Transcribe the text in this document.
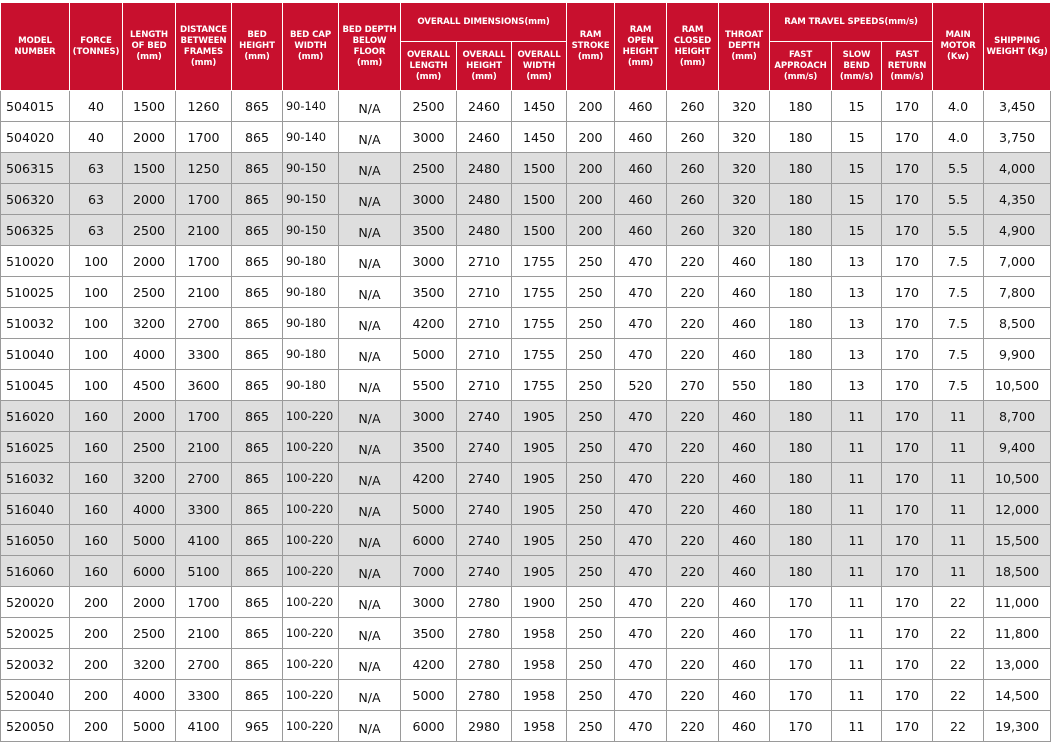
MODEL NUMBER	FORCE (TONNES)	LENGTH OF BED (mm)	DISTANCE BETWEEN FRAMES (mm)	BED HEIGHT (mm)	BED CAP WIDTH (mm)	BED DEPTH BELOW FLOOR (mm)	OVERALL DIMENSIONS(mm)			RAM STROKE (mm)	RAM OPEN HEIGHT (mm)	RAM CLOSED HEIGHT (mm)	THROAT DEPTH (mm)	RAM TRAVEL SPEEDS(mm/s)			MAIN MOTOR (Kw)	SHIPPING WEIGHT (Kg)
							OVERALL LENGTH (mm)	OVERALL HEIGHT (mm)	OVERALL WIDTH (mm)					FAST APPROACH (mm/s)	SLOW BEND (mm/s)	FAST RETURN (mm/s)		
504015	40	1500	1260	865	90-140	N/A	2500	2460	1450	200	460	260	320	180	15	170	4.0	3,450
504020	40	2000	1700	865	90-140	N/A	3000	2460	1450	200	460	260	320	180	15	170	4.0	3,750
506315	63	1500	1250	865	90-150	N/A	2500	2480	1500	200	460	260	320	180	15	170	5.5	4,000
506320	63	2000	1700	865	90-150	N/A	3000	2480	1500	200	460	260	320	180	15	170	5.5	4,350
506325	63	2500	2100	865	90-150	N/A	3500	2480	1500	200	460	260	320	180	15	170	5.5	4,900
510020	100	2000	1700	865	90-180	N/A	3000	2710	1755	250	470	220	460	180	13	170	7.5	7,000
510025	100	2500	2100	865	90-180	N/A	3500	2710	1755	250	470	220	460	180	13	170	7.5	7,800
510032	100	3200	2700	865	90-180	N/A	4200	2710	1755	250	470	220	460	180	13	170	7.5	8,500
510040	100	4000	3300	865	90-180	N/A	5000	2710	1755	250	470	220	460	180	13	170	7.5	9,900
510045	100	4500	3600	865	90-180	N/A	5500	2710	1755	250	520	270	550	180	13	170	7.5	10,500
516020	160	2000	1700	865	100-220	N/A	3000	2740	1905	250	470	220	460	180	11	170	11	8,700
516025	160	2500	2100	865	100-220	N/A	3500	2740	1905	250	470	220	460	180	11	170	11	9,400
516032	160	3200	2700	865	100-220	N/A	4200	2740	1905	250	470	220	460	180	11	170	11	10,500
516040	160	4000	3300	865	100-220	N/A	5000	2740	1905	250	470	220	460	180	11	170	11	12,000
516050	160	5000	4100	865	100-220	N/A	6000	2740	1905	250	470	220	460	180	11	170	11	15,500
516060	160	6000	5100	865	100-220	N/A	7000	2740	1905	250	470	220	460	180	11	170	11	18,500
520020	200	2000	1700	865	100-220	N/A	3000	2780	1900	250	470	220	460	170	11	170	22	11,000
520025	200	2500	2100	865	100-220	N/A	3500	2780	1958	250	470	220	460	170	11	170	22	11,800
520032	200	3200	2700	865	100-220	N/A	4200	2780	1958	250	470	220	460	170	11	170	22	13,000
520040	200	4000	3300	865	100-220	N/A	5000	2780	1958	250	470	220	460	170	11	170	22	14,500
520050	200	5000	4100	965	100-220	N/A	6000	2980	1958	250	470	220	460	170	11	170	22	19,300
